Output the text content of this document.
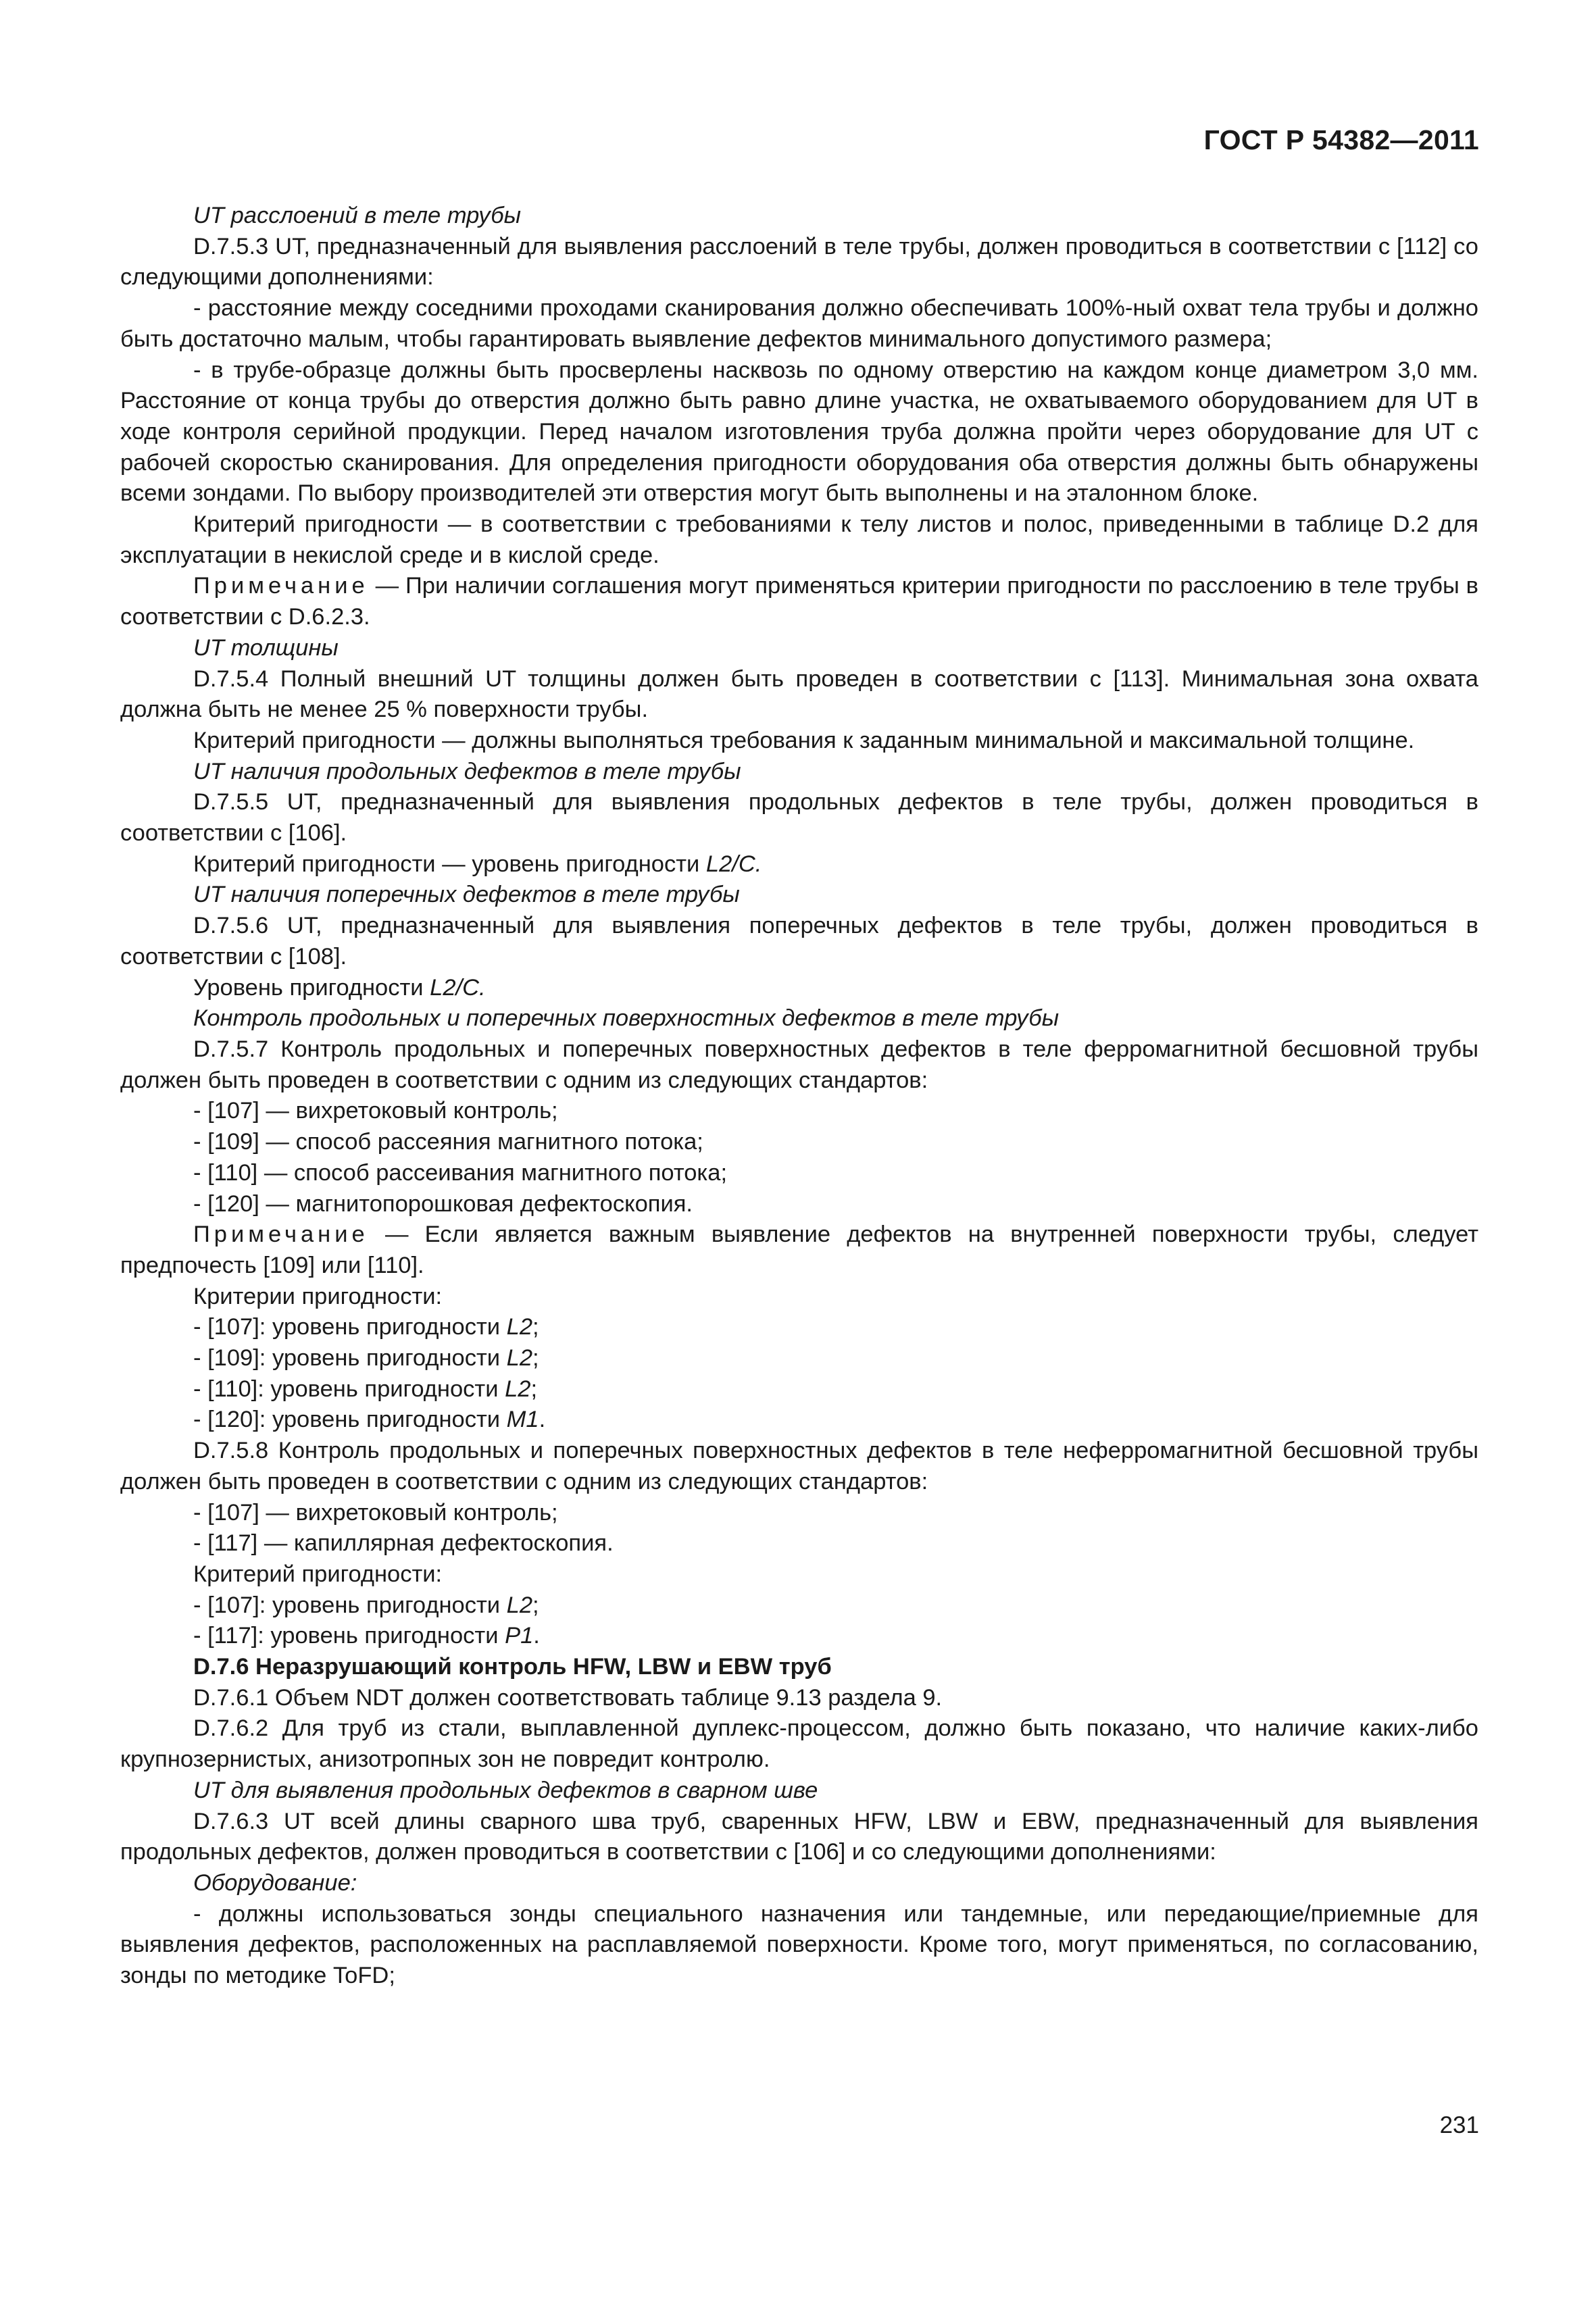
ГОСТ Р 54382—2011

UT расслоений в теле трубы

D.7.5.3 UT, предназначенный для выявления расслоений в теле трубы, должен проводиться в соответствии с [112] со следующими дополнениями:

- расстояние между соседними проходами сканирования должно обеспечивать 100%-ный охват тела трубы и должно быть достаточно малым, чтобы гарантировать выявление дефектов минимального допустимого размера;

- в трубе-образце должны быть просверлены насквозь по одному отверстию на каждом конце диаметром 3,0 мм. Расстояние от конца трубы до отверстия должно быть равно длине участка, не охватываемого оборудованием для UT в ходе контроля серийной продукции. Перед началом изготовления труба должна пройти через оборудование для UT с рабочей скоростью сканирования. Для определения пригодности оборудования оба отверстия должны быть обнаружены всеми зондами. По выбору производителей эти отверстия могут быть выполнены и на эталонном блоке.

Критерий пригодности — в соответствии с требованиями к телу листов и полос, приведенными в таблице D.2 для эксплуатации в некислой среде и в кислой среде.

Примечание — При наличии соглашения могут применяться критерии пригодности по расслоению в теле трубы в соответствии с D.6.2.3.

UT толщины

D.7.5.4 Полный внешний UT толщины должен быть проведен в соответствии с [113]. Минимальная зона охвата должна быть не менее 25 % поверхности трубы.

Критерий пригодности — должны выполняться требования к заданным минимальной и максимальной толщине.

UT наличия продольных дефектов в теле трубы

D.7.5.5 UT, предназначенный для выявления продольных дефектов в теле трубы, должен проводиться в соответствии с [106].

Критерий пригодности — уровень пригодности L2/C.

UT наличия поперечных дефектов в теле трубы

D.7.5.6 UT, предназначенный для выявления поперечных дефектов в теле трубы, должен проводиться в соответствии с [108].

Уровень пригодности L2/C.

Контроль продольных и поперечных поверхностных дефектов в теле трубы

D.7.5.7 Контроль продольных и поперечных поверхностных дефектов в теле ферромагнитной бесшовной трубы должен быть проведен в соответствии с одним из следующих стандартов:

- [107] — вихретоковый контроль;

- [109] — способ рассеяния магнитного потока;

- [110] — способ рассеивания магнитного потока;

- [120] — магнитопорошковая дефектоскопия.

Примечание — Если является важным выявление дефектов на внутренней поверхности трубы, следует предпочесть [109] или [110].

Критерии пригодности:

- [107]: уровень пригодности L2;

- [109]: уровень пригодности L2;

- [110]: уровень пригодности L2;

- [120]: уровень пригодности M1.

D.7.5.8 Контроль продольных и поперечных поверхностных дефектов в теле неферромагнитной бесшовной трубы должен быть проведен в соответствии с одним из следующих стандартов:

- [107] — вихретоковый контроль;

- [117] — капиллярная дефектоскопия.

Критерий пригодности:

- [107]: уровень пригодности L2;

- [117]: уровень пригодности P1.

D.7.6 Неразрушающий контроль HFW, LBW и EBW труб

D.7.6.1 Объем NDT должен соответствовать таблице 9.13 раздела 9.

D.7.6.2 Для труб из стали, выплавленной дуплекс-процессом, должно быть показано, что наличие каких-либо крупнозернистых, анизотропных зон не повредит контролю.

UT для выявления продольных дефектов в сварном шве

D.7.6.3 UT всей длины сварного шва труб, сваренных HFW, LBW и EBW, предназначенный для выявления продольных дефектов, должен проводиться в соответствии с [106] и со следующими дополнениями:

Оборудование:

- должны использоваться зонды специального назначения или тандемные, или передающие/приемные для выявления дефектов, расположенных на расплавляемой поверхности. Кроме того, могут применяться, по согласованию, зонды по методике ToFD;

231
